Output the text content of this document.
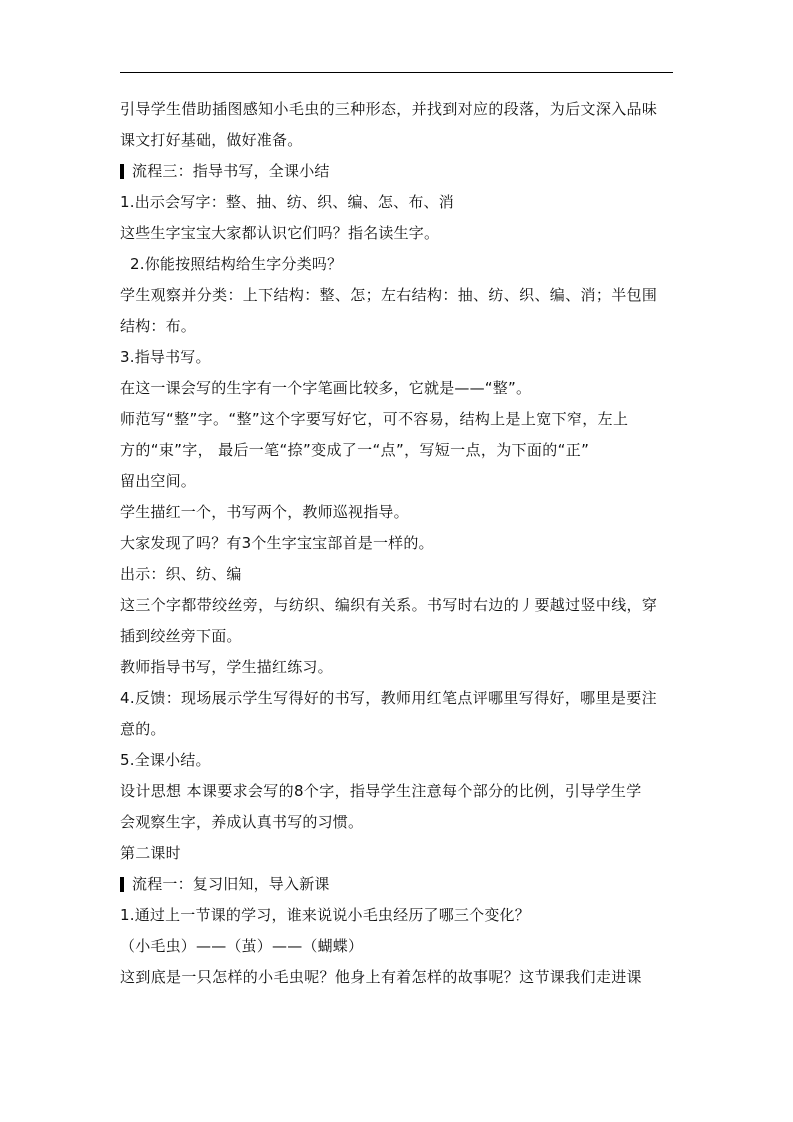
引导学生借助插图感知小毛虫的三种形态，并找到对应的段落，为后文深入品味
课文打好基础，做好准备。
流程三：指导书写，全课小结
1.出示会写字：整、抽、纺、织、编、怎、布、消
这些生字宝宝大家都认识它们吗？指名读生字。
2.你能按照结构给生字分类吗？
学生观察并分类：上下结构：整、怎；左右结构：抽、纺、织、编、消；半包围
结构：布。
3.指导书写。
在这一课会写的生字有一个字笔画比较多，它就是——“整”。
师范写“整”字。“整”这个字要写好它，可不容易，结构上是上宽下窄，左上
方的“束”字， 最后一笔“捺”变成了一“点”，写短一点，为下面的“正”
留出空间。
学生描红一个，书写两个，教师巡视指导。
大家发现了吗？有3个生字宝宝部首是一样的。
出示：织、纺、编
这三个字都带绞丝旁，与纺织、编织有关系。书写时右边的丿要越过竖中线，穿
插到绞丝旁下面。
教师指导书写，学生描红练习。
4.反馈：现场展示学生写得好的书写，教师用红笔点评哪里写得好，哪里是要注
意的。
5.全课小结。
设计思想 本课要求会写的8个字，指导学生注意每个部分的比例，引导学生学
会观察生字，养成认真书写的习惯。
第二课时
流程一：复习旧知，导入新课
1.通过上一节课的学习，谁来说说小毛虫经历了哪三个变化？
（小毛虫）——（茧）——（蝴蝶）
这到底是一只怎样的小毛虫呢？他身上有着怎样的故事呢？这节课我们走进课
